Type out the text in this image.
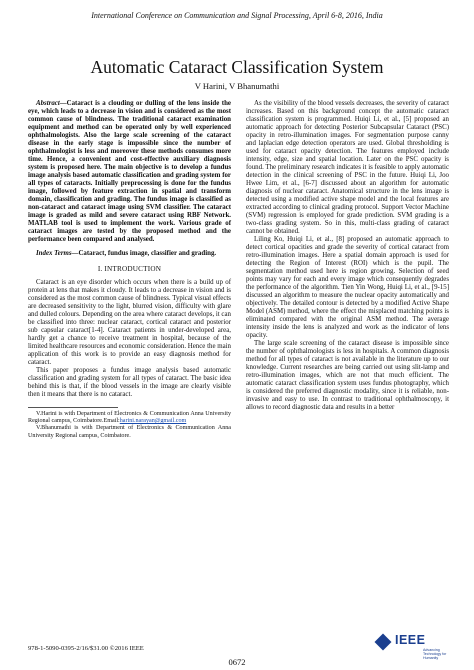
International Conference on Communication and Signal Processing, April 6-8, 2016, India
Automatic Cataract Classification System
V Harini, V Bhanumathi

Abstract—Cataract is a clouding or dulling of the lens inside the eye, which leads to a decrease in vision and is considered as the most common cause of blindness. The traditional cataract examination equipment and method can be operated only by well experienced ophthalmologists. Also the large scale screening of the cataract disease in the early stage is impossible since the number of ophthalmologist is less and moreover these methods consumes more time. Hence, a convenient and cost-effective auxiliary diagnosis system is proposed here. The main objective is to develop a fundus image analysis based automatic classification and grading system for all types of cataracts. Initially preprocessing is done for the fundus image, followed by feature extraction in spatial and transform domain, classification and grading. The fundus image is classified as non-cataract and cataract image using SVM classifier. The cataract image is graded as mild and severe cataract using RBF Network. MATLAB tool is used to implement the work. Various grade of cataract images are tested by the proposed method and the performance been compared and analysed.

Index Terms—Cataract, fundus image, classifier and grading.

I. INTRODUCTION

Cataract is an eye disorder which occurs when there is a build up of protein at lens that makes it cloudy. It leads to a decrease in vision and is considered as the most common cause of blindness. Typical visual effects are decreased sensitivity to the light, blurred vision, difficulty with glare and dulled colours. Depending on the area where cataract develops, it can be classified into three: nuclear cataract, cortical cataract and posterior sub capsular cataract[1-4]. Cataract patients in under-developed area, hardly get a chance to receive treatment in hospital, because of the limited healthcare resources and economic consideration. Hence the main application of this work is to provide an easy diagnosis method for cataract.

This paper proposes a fundus image analysis based automatic classification and grading system for all types of cataract. The basic idea behind this is that, if the blood vessels in the image are clearly visible then it means that there is no cataract.

V.Harini is with Department of Electronics & Communication Anna University Regional campus, Coimbatore.Email:harini.narayan@gmail.com

V.Bhanumathi is with Department of Electronics & Communication Anna University Regional campus, Coimbatore.

As the visibility of the blood vessels decreases, the severity of cataract increases. Based on this background concept the automatic cataract classification system is programmed. Huiqi Li, et al., [5] proposed an automatic approach for detecting Posterior Subcapsular Cataract (PSC) opacity in retro-illumination images. For segmentation purpose canny and laplacian edge detection operators are used. Global thresholding is used for cataract opacity detection. The features employed include intensity, edge, size and spatial location. Later on the PSC opacity is found. The preliminary research indicates it is feasible to apply automatic detection in the clinical screening of PSC in the future. Huiqi Li, Joo Hwee Lim, et al., [6-7] discussed about an algorithm for automatic diagnosis of nuclear cataract. Anatomical structure in the lens image is detected using a modified active shape model and the local features are extracted according to clinical grading protocol. Support Vector Machine (SVM) regression is employed for grade prediction. SVM grading is a two-class grading system. So in this, multi-class grading of cataract cannot be obtained.

Liling Ko, Huiqi Li, et al., [8] proposed an automatic approach to detect cortical opacities and grade the severity of cortical cataract from retro-illumination images. Here a spatial domain approach is used for detecting the Region of Interest (ROI) which is the pupil. The segmentation method used here is region growing. Selection of seed points may vary for each and every image which consequently degrades the performance of the algorithm. Tien Yin Wong, Huiqi Li, et al., [9-15] discussed an algorithm to measure the nuclear opacity automatically and objectively. The detailed contour is detected by a modified Active Shape Model (ASM) method, where the effect the misplaced matching points is eliminated compared with the original ASM method. The average intensity inside the lens is analyzed and work as the indicator of lens opacity.

The large scale screening of the cataract disease is impossible since the number of ophthalmologists is less in hospitals. A common diagnosis method for all types of cataract is not available in the literature up to our knowledge. Current researches are being carried out using slit-lamp and retro-illumination images, which are not that much efficient. The automatic cataract classification system uses fundus photography, which is considered the preferred diagnostic modality, since it is reliable, non-invasive and easy to use. In contrast to traditional ophthalmoscopy, it allows to record diagnostic data and results in a better

978-1-5090-0395-2/16/$31.00 ©2016 IEEE
0672
IEEE
Advancing Technology for Humanity
